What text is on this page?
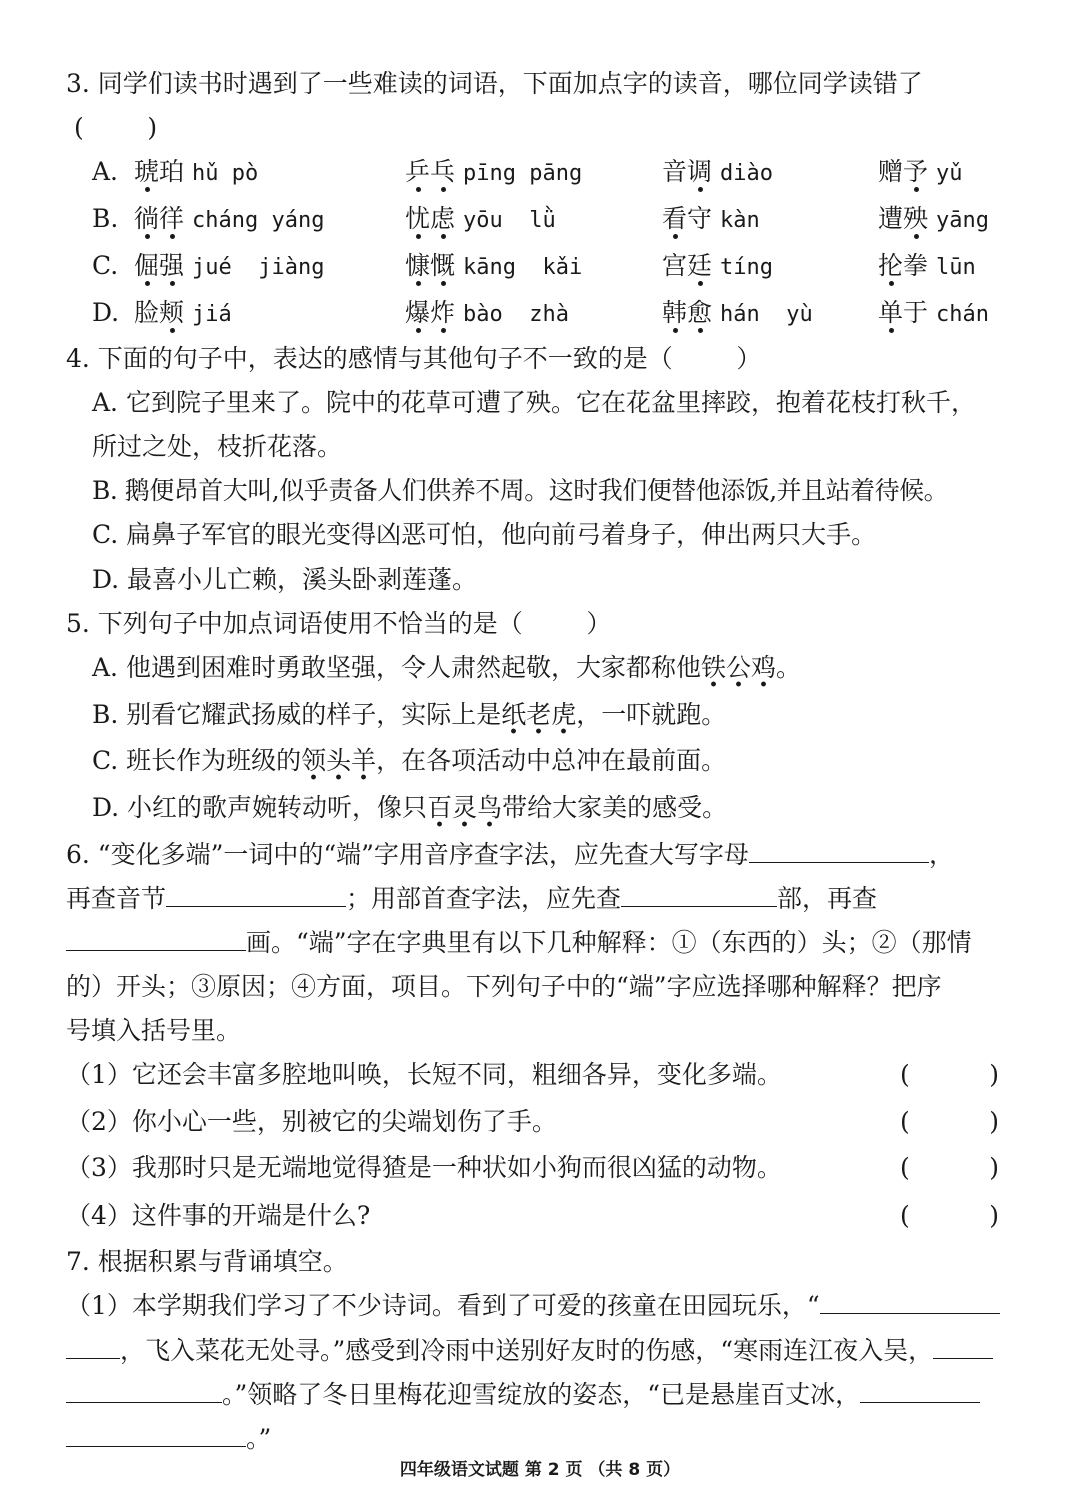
3. 同学们读书时遇到了一些难读的词语，下面加点字的读音，哪位同学读错了
(        )
A. 琥珀 hǔ pò	乒乓 pīng pāng	音调 diào	赠予 yǔ
B. 徜徉 cháng yáng	忧虑 yōu  lǜ	看守 kàn	遭殃 yāng
C. 倔强 jué  jiàng	慷慨 kāng  kǎi	宫廷 tíng	抡拳 lūn
D. 脸颊 jiá	爆炸 bào  zhà	韩愈 hán  yù	单于 chán
4. 下面的句子中，表达的感情与其他句子不一致的是（        ）
A. 它到院子里来了。院中的花草可遭了殃。它在花盆里摔跤，抱着花枝打秋千，
所过之处，枝折花落。
B. 鹅便昂首大叫,似乎责备人们供养不周。这时我们便替他添饭,并且站着待候。
C. 扁鼻子军官的眼光变得凶恶可怕，他向前弓着身子，伸出两只大手。
D. 最喜小儿亡赖，溪头卧剥莲蓬。
5. 下列句子中加点词语使用不恰当的是（        ）
A. 他遇到困难时勇敢坚强，令人肃然起敬，大家都称他铁公鸡。
B. 别看它耀武扬威的样子，实际上是纸老虎，一吓就跑。
C. 班长作为班级的领头羊，在各项活动中总冲在最前面。
D. 小红的歌声婉转动听，像只百灵鸟带给大家美的感受。
6. “变化多端”一词中的“端”字用音序查字法，应先查大写字母	，
再查音节	；用部首查字法，应先查	部，再查
画。“端”字在字典里有以下几种解释：①（东西的）头；②（那情
的）开头；③原因；④方面，项目。下列句子中的“端”字应选择哪种解释？把序
号填入括号里。
（1）它还会丰富多腔地叫唤，长短不同，粗细各异，变化多端。	(          )
（2）你小心一些，别被它的尖端划伤了手。	(          )
（3）我那时只是无端地觉得猹是一种状如小狗而很凶猛的动物。	(          )
（4）这件事的开端是什么?	(          )
7. 根据积累与背诵填空。
（1）本学期我们学习了不少诗词。看到了可爱的孩童在田园玩乐，“
，飞入菜花无处寻。”感受到冷雨中送别好友时的伤感，“寒雨连江夜入吴，
。”领略了冬日里梅花迎雪绽放的姿态，“已是悬崖百丈冰，
。”
四年级语文试题 第 2 页 （共 8 页）
